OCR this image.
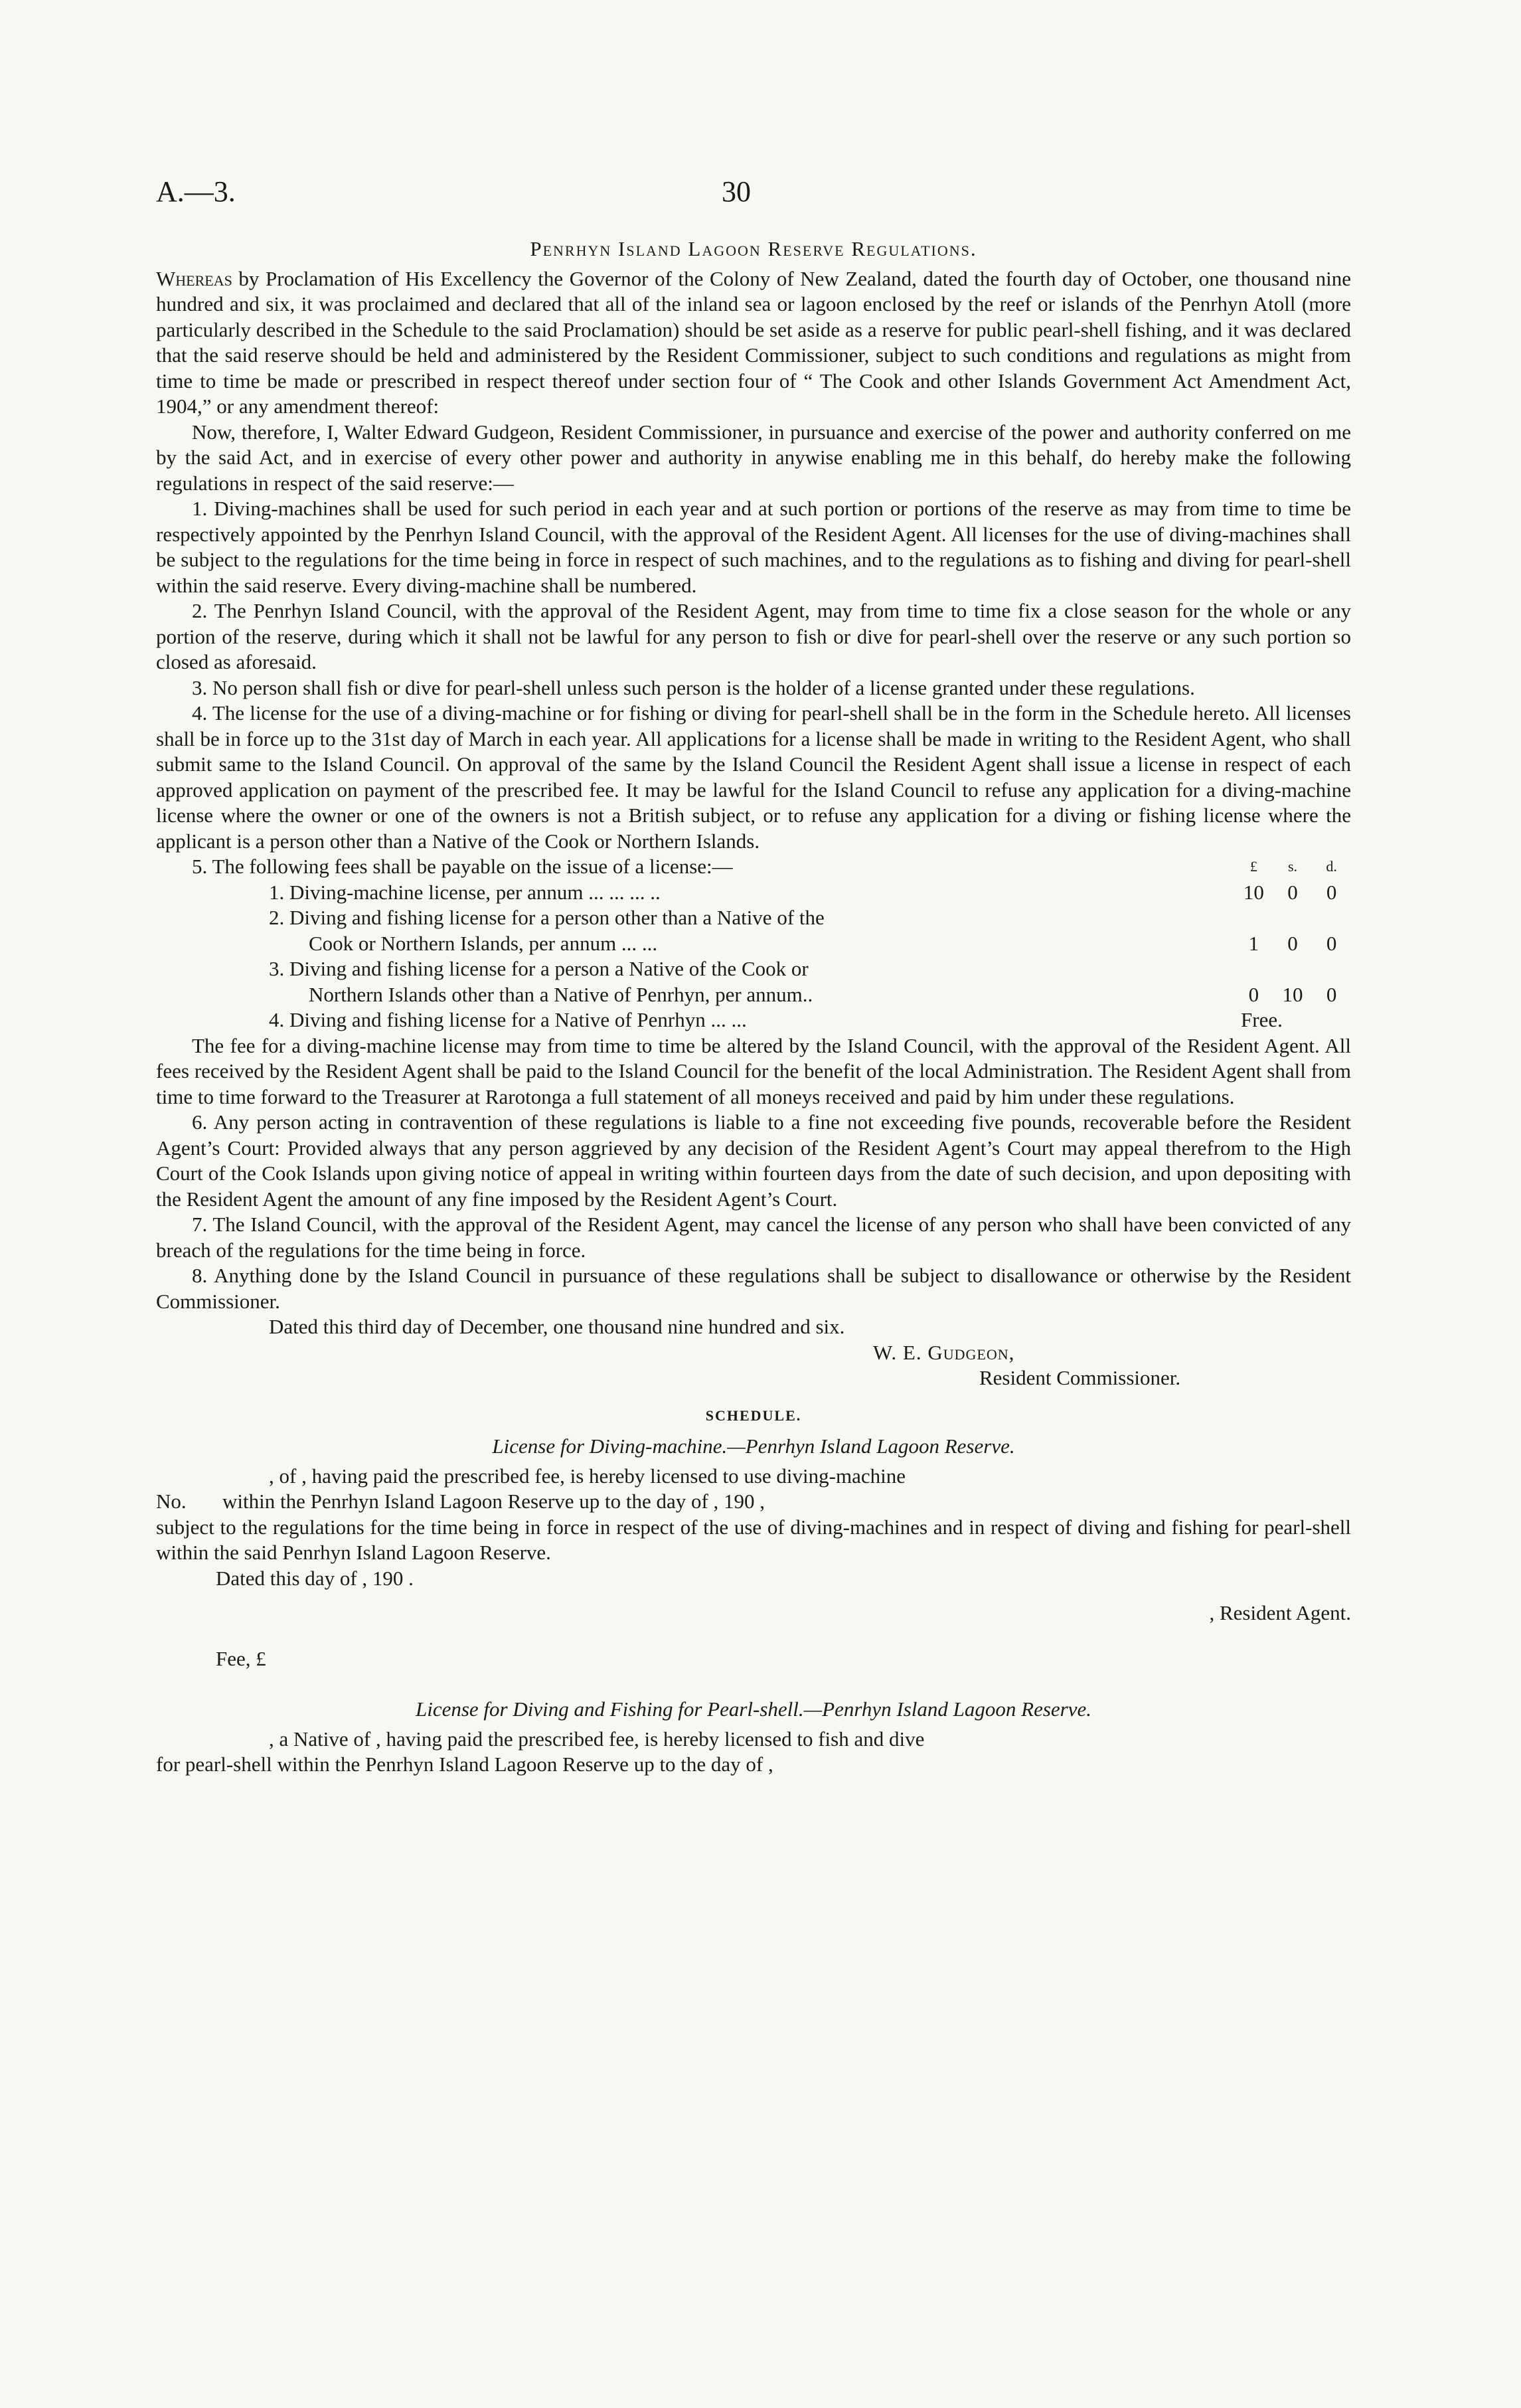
A.—3.	30
Penrhyn Island Lagoon Reserve Regulations.

Whereas by Proclamation of His Excellency the Governor of the Colony of New Zealand, dated the fourth day of October, one thousand nine hundred and six, it was proclaimed and declared that all of the inland sea or lagoon enclosed by the reef or islands of the Penrhyn Atoll (more particularly described in the Schedule to the said Proclamation) should be set aside as a reserve for public pearl-shell fishing, and it was declared that the said reserve should be held and administered by the Resident Commissioner, subject to such conditions and regulations as might from time to time be made or prescribed in respect thereof under section four of “ The Cook and other Islands Government Act Amendment Act, 1904,” or any amendment thereof:

Now, therefore, I, Walter Edward Gudgeon, Resident Commissioner, in pursuance and exercise of the power and authority conferred on me by the said Act, and in exercise of every other power and authority in anywise enabling me in this behalf, do hereby make the following regulations in respect of the said reserve:—

1. Diving-machines shall be used for such period in each year and at such portion or portions of the reserve as may from time to time be respectively appointed by the Penrhyn Island Council, with the approval of the Resident Agent. All licenses for the use of diving-machines shall be subject to the regulations for the time being in force in respect of such machines, and to the regulations as to fishing and diving for pearl-shell within the said reserve. Every diving-machine shall be numbered.

2. The Penrhyn Island Council, with the approval of the Resident Agent, may from time to time fix a close season for the whole or any portion of the reserve, during which it shall not be lawful for any person to fish or dive for pearl-shell over the reserve or any such portion so closed as aforesaid.

3. No person shall fish or dive for pearl-shell unless such person is the holder of a license granted under these regulations.

4. The license for the use of a diving-machine or for fishing or diving for pearl-shell shall be in the form in the Schedule hereto. All licenses shall be in force up to the 31st day of March in each year. All applications for a license shall be made in writing to the Resident Agent, who shall submit same to the Island Council. On approval of the same by the Island Council the Resident Agent shall issue a license in respect of each approved application on payment of the prescribed fee. It may be lawful for the Island Council to refuse any application for a diving-machine license where the owner or one of the owners is not a British subject, or to refuse any application for a diving or fishing license where the applicant is a person other than a Native of the Cook or Northern Islands.

5. The following fees shall be payable on the issue of a license:—	£	s.	d.
1. Diving-machine license, per annum ... ... ... ..	10	0	0
2. Diving and fishing license for a person other than a Native of the
Cook or Northern Islands, per annum ... ...	1	0	0
3. Diving and fishing license for a person a Native of the Cook or
Northern Islands other than a Native of Penrhyn, per annum..	0	10	0
4. Diving and fishing license for a Native of Penrhyn ... ...	Free.

The fee for a diving-machine license may from time to time be altered by the Island Council, with the approval of the Resident Agent. All fees received by the Resident Agent shall be paid to the Island Council for the benefit of the local Administration. The Resident Agent shall from time to time forward to the Treasurer at Rarotonga a full statement of all moneys received and paid by him under these regulations.

6. Any person acting in contravention of these regulations is liable to a fine not exceeding five pounds, recoverable before the Resident Agent’s Court: Provided always that any person aggrieved by any decision of the Resident Agent’s Court may appeal therefrom to the High Court of the Cook Islands upon giving notice of appeal in writing within fourteen days from the date of such decision, and upon depositing with the Resident Agent the amount of any fine imposed by the Resident Agent’s Court.

7. The Island Council, with the approval of the Resident Agent, may cancel the license of any person who shall have been convicted of any breach of the regulations for the time being in force.

8. Anything done by the Island Council in pursuance of these regulations shall be subject to disallowance or otherwise by the Resident Commissioner.

Dated this third day of December, one thousand nine hundred and six.

W. E. Gudgeon,
Resident Commissioner.
SCHEDULE.
License for Diving-machine.—Penrhyn Island Lagoon Reserve.
, of , having paid the prescribed fee, is hereby licensed to use diving-machine
No.	within the Penrhyn Island Lagoon Reserve up to the day of , 190 ,

subject to the regulations for the time being in force in respect of the use of diving-machines and in respect of diving and fishing for pearl-shell within the said Penrhyn Island Lagoon Reserve.

Dated this day of , 190 .
, Resident Agent.
Fee, £
License for Diving and Fishing for Pearl-shell.—Penrhyn Island Lagoon Reserve.
, a Native of , having paid the prescribed fee, is hereby licensed to fish and dive
for pearl-shell within the Penrhyn Island Lagoon Reserve up to the day of ,
